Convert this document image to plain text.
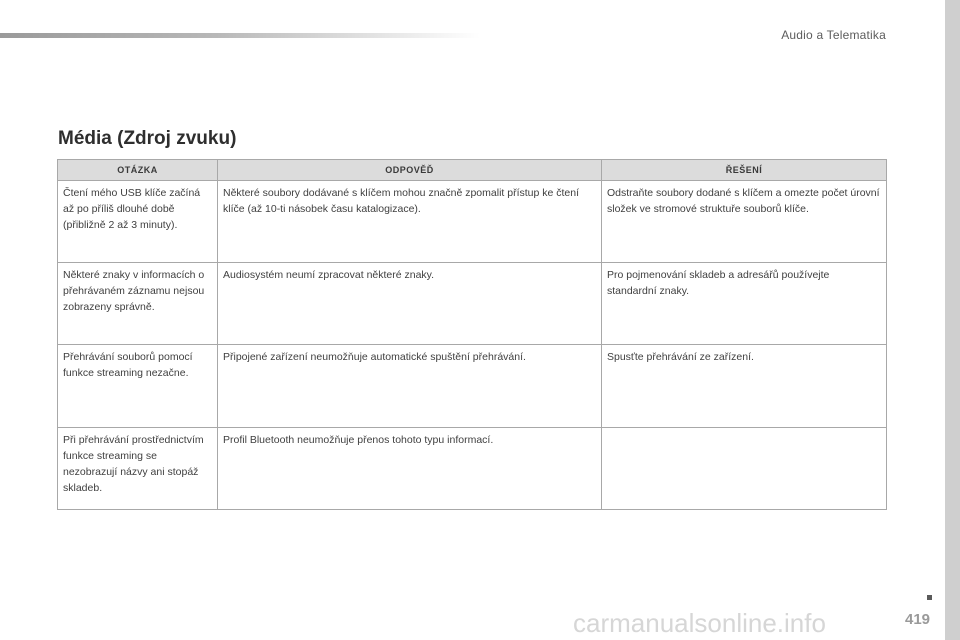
Audio a Telematika
Média (Zdroj zvuku)
OTÁZKA	ODPOVĚĎ	ŘEŠENÍ
Čtení mého USB klíče začíná až po příliš dlouhé době (přibližně 2 až 3 minuty).	Některé soubory dodávané s klíčem mohou značně zpomalit přístup ke čtení klíče (až 10-ti násobek času katalogizace).	Odstraňte soubory dodané s klíčem a omezte počet úrovní složek ve stromové struktuře souborů klíče.
Některé znaky v informacích o přehrávaném záznamu nejsou zobrazeny správně.	Audiosystém neumí zpracovat některé znaky.	Pro pojmenování skladeb a adresářů používejte standardní znaky.
Přehrávání souborů pomocí funkce streaming nezačne.	Připojené zařízení neumožňuje automatické spuštění přehrávání.	Spusťte přehrávání ze zařízení.
Při přehrávání prostřednictvím funkce streaming se nezobrazují názvy ani stopáž skladeb.	Profil Bluetooth neumožňuje přenos tohoto typu informací.	
carmanualsonline.info	419
